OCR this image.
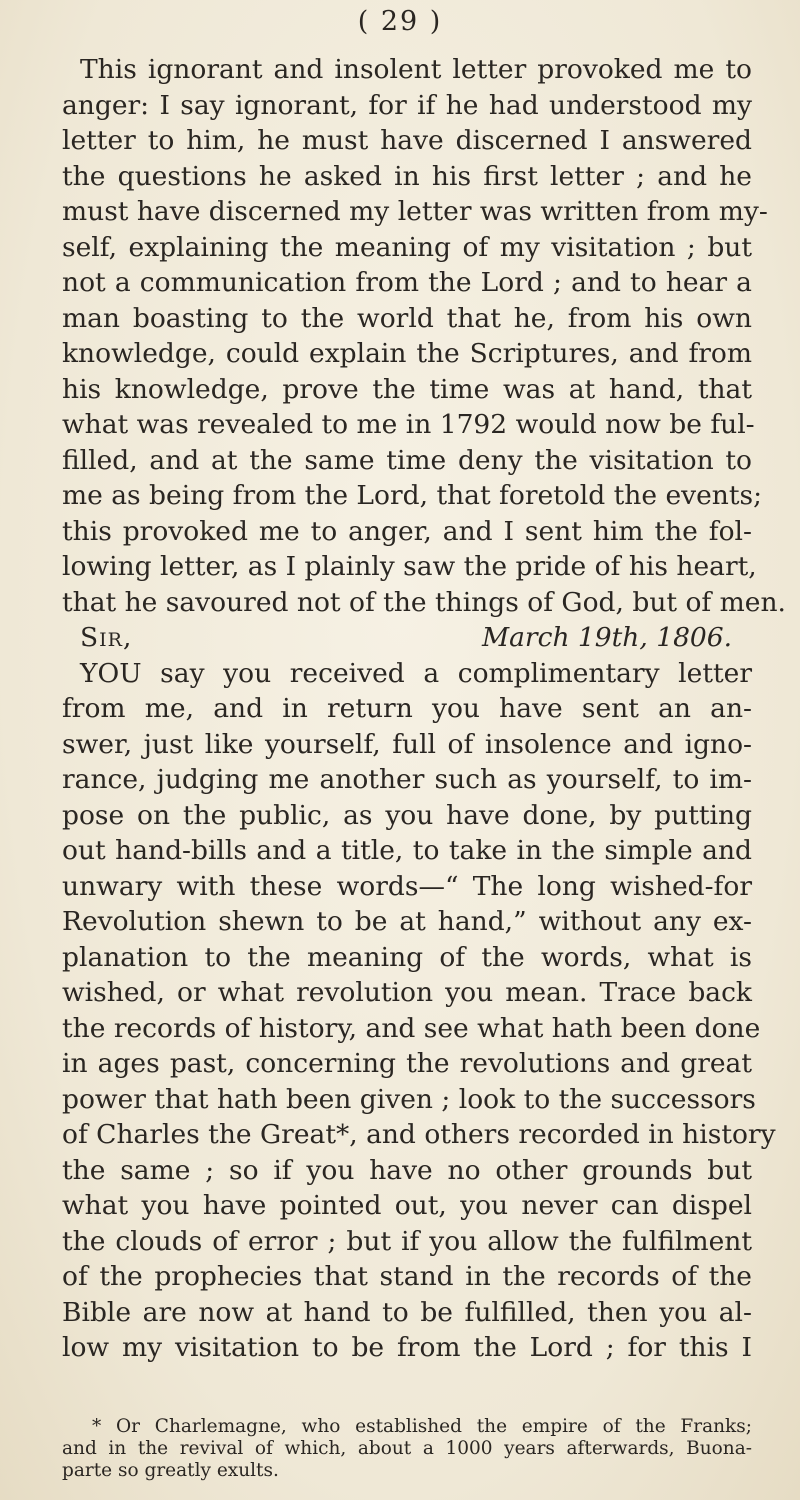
( 29 )
This ignorant and insolent letter provoked me to
anger: I say ignorant, for if he had understood my
letter to him, he must have discerned I answered
the questions he asked in his first letter ; and he
must have discerned my letter was written from my-
self, explaining the meaning of my visitation ; but
not a communication from the Lord ; and to hear a
man boasting to the world that he, from his own
knowledge, could explain the Scriptures, and from
his knowledge, prove the time was at hand, that
what was revealed to me in 1792 would now be ful-
filled, and at the same time deny the visitation to
me as being from the Lord, that foretold the events;
this provoked me to anger, and I sent him the fol-
lowing letter, as I plainly saw the pride of his heart,
that he savoured not of the things of God, but of men.
Sir,	March 19th, 1806.
YOU say you received a complimentary letter
from me, and in return you have sent an an-
swer, just like yourself, full of insolence and igno-
rance, judging me another such as yourself, to im-
pose on the public, as you have done, by putting
out hand-bills and a title, to take in the simple and
unwary with these words—“ The long wished-for
Revolution shewn to be at hand,” without any ex-
planation to the meaning of the words, what is
wished, or what revolution you mean. Trace back
the records of history, and see what hath been done
in ages past, concerning the revolutions and great
power that hath been given ; look to the successors
of Charles the Great*, and others recorded in history
the same ; so if you have no other grounds but
what you have pointed out, you never can dispel
the clouds of error ; but if you allow the fulfilment
of the prophecies that stand in the records of the
Bible are now at hand to be fulfilled, then you al-
low my visitation to be from the Lord ; for this I
* Or Charlemagne, who established the empire of the Franks;
and in the revival of which, about a 1000 years afterwards, Buona-
parte so greatly exults.
